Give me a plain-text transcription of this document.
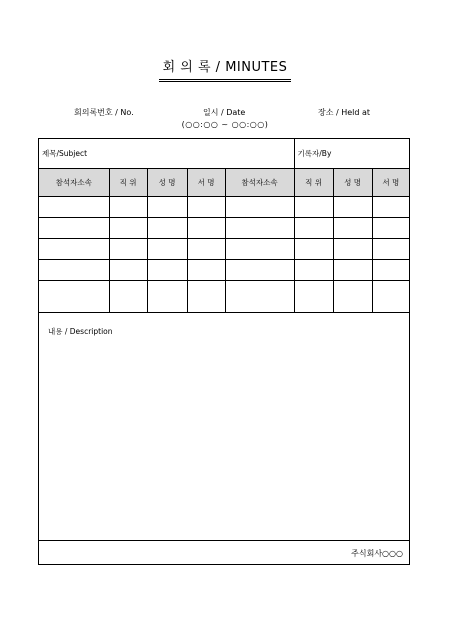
회 의 록 / MINUTES
회의록번호 / No.	일시 / Date	장소 / Held at
(○○:○○ ~ ○○:○○)
제목/Subject					기록자/By		
참석자소속	직 위	성 명	서 명	참석자소속	직 위	성 명	서 명

내용 / Description
주식회사○○○
